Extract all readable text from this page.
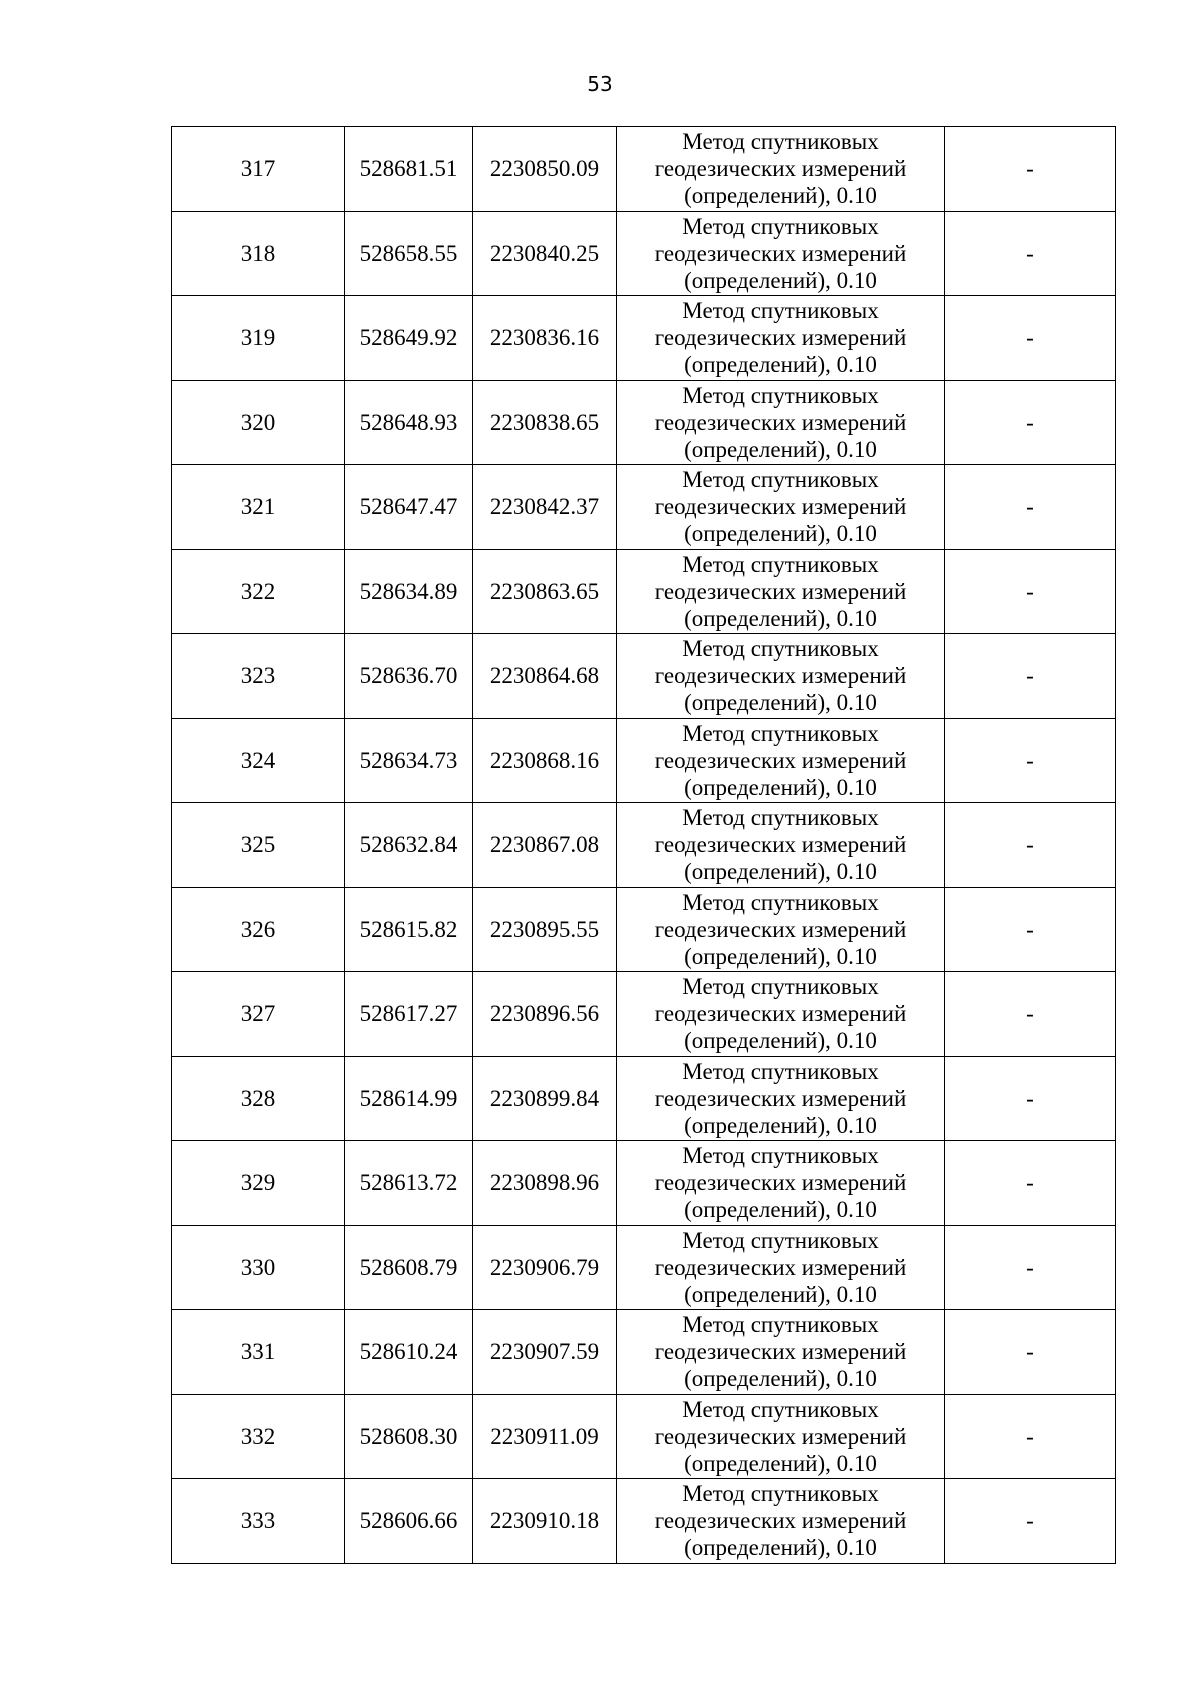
53
317	528681.51	2230850.09	Метод спутниковых
геодезических измерений
(определений), 0.10	-
318	528658.55	2230840.25	Метод спутниковых
геодезических измерений
(определений), 0.10	-
319	528649.92	2230836.16	Метод спутниковых
геодезических измерений
(определений), 0.10	-
320	528648.93	2230838.65	Метод спутниковых
геодезических измерений
(определений), 0.10	-
321	528647.47	2230842.37	Метод спутниковых
геодезических измерений
(определений), 0.10	-
322	528634.89	2230863.65	Метод спутниковых
геодезических измерений
(определений), 0.10	-
323	528636.70	2230864.68	Метод спутниковых
геодезических измерений
(определений), 0.10	-
324	528634.73	2230868.16	Метод спутниковых
геодезических измерений
(определений), 0.10	-
325	528632.84	2230867.08	Метод спутниковых
геодезических измерений
(определений), 0.10	-
326	528615.82	2230895.55	Метод спутниковых
геодезических измерений
(определений), 0.10	-
327	528617.27	2230896.56	Метод спутниковых
геодезических измерений
(определений), 0.10	-
328	528614.99	2230899.84	Метод спутниковых
геодезических измерений
(определений), 0.10	-
329	528613.72	2230898.96	Метод спутниковых
геодезических измерений
(определений), 0.10	-
330	528608.79	2230906.79	Метод спутниковых
геодезических измерений
(определений), 0.10	-
331	528610.24	2230907.59	Метод спутниковых
геодезических измерений
(определений), 0.10	-
332	528608.30	2230911.09	Метод спутниковых
геодезических измерений
(определений), 0.10	-
333	528606.66	2230910.18	Метод спутниковых
геодезических измерений
(определений), 0.10	-
